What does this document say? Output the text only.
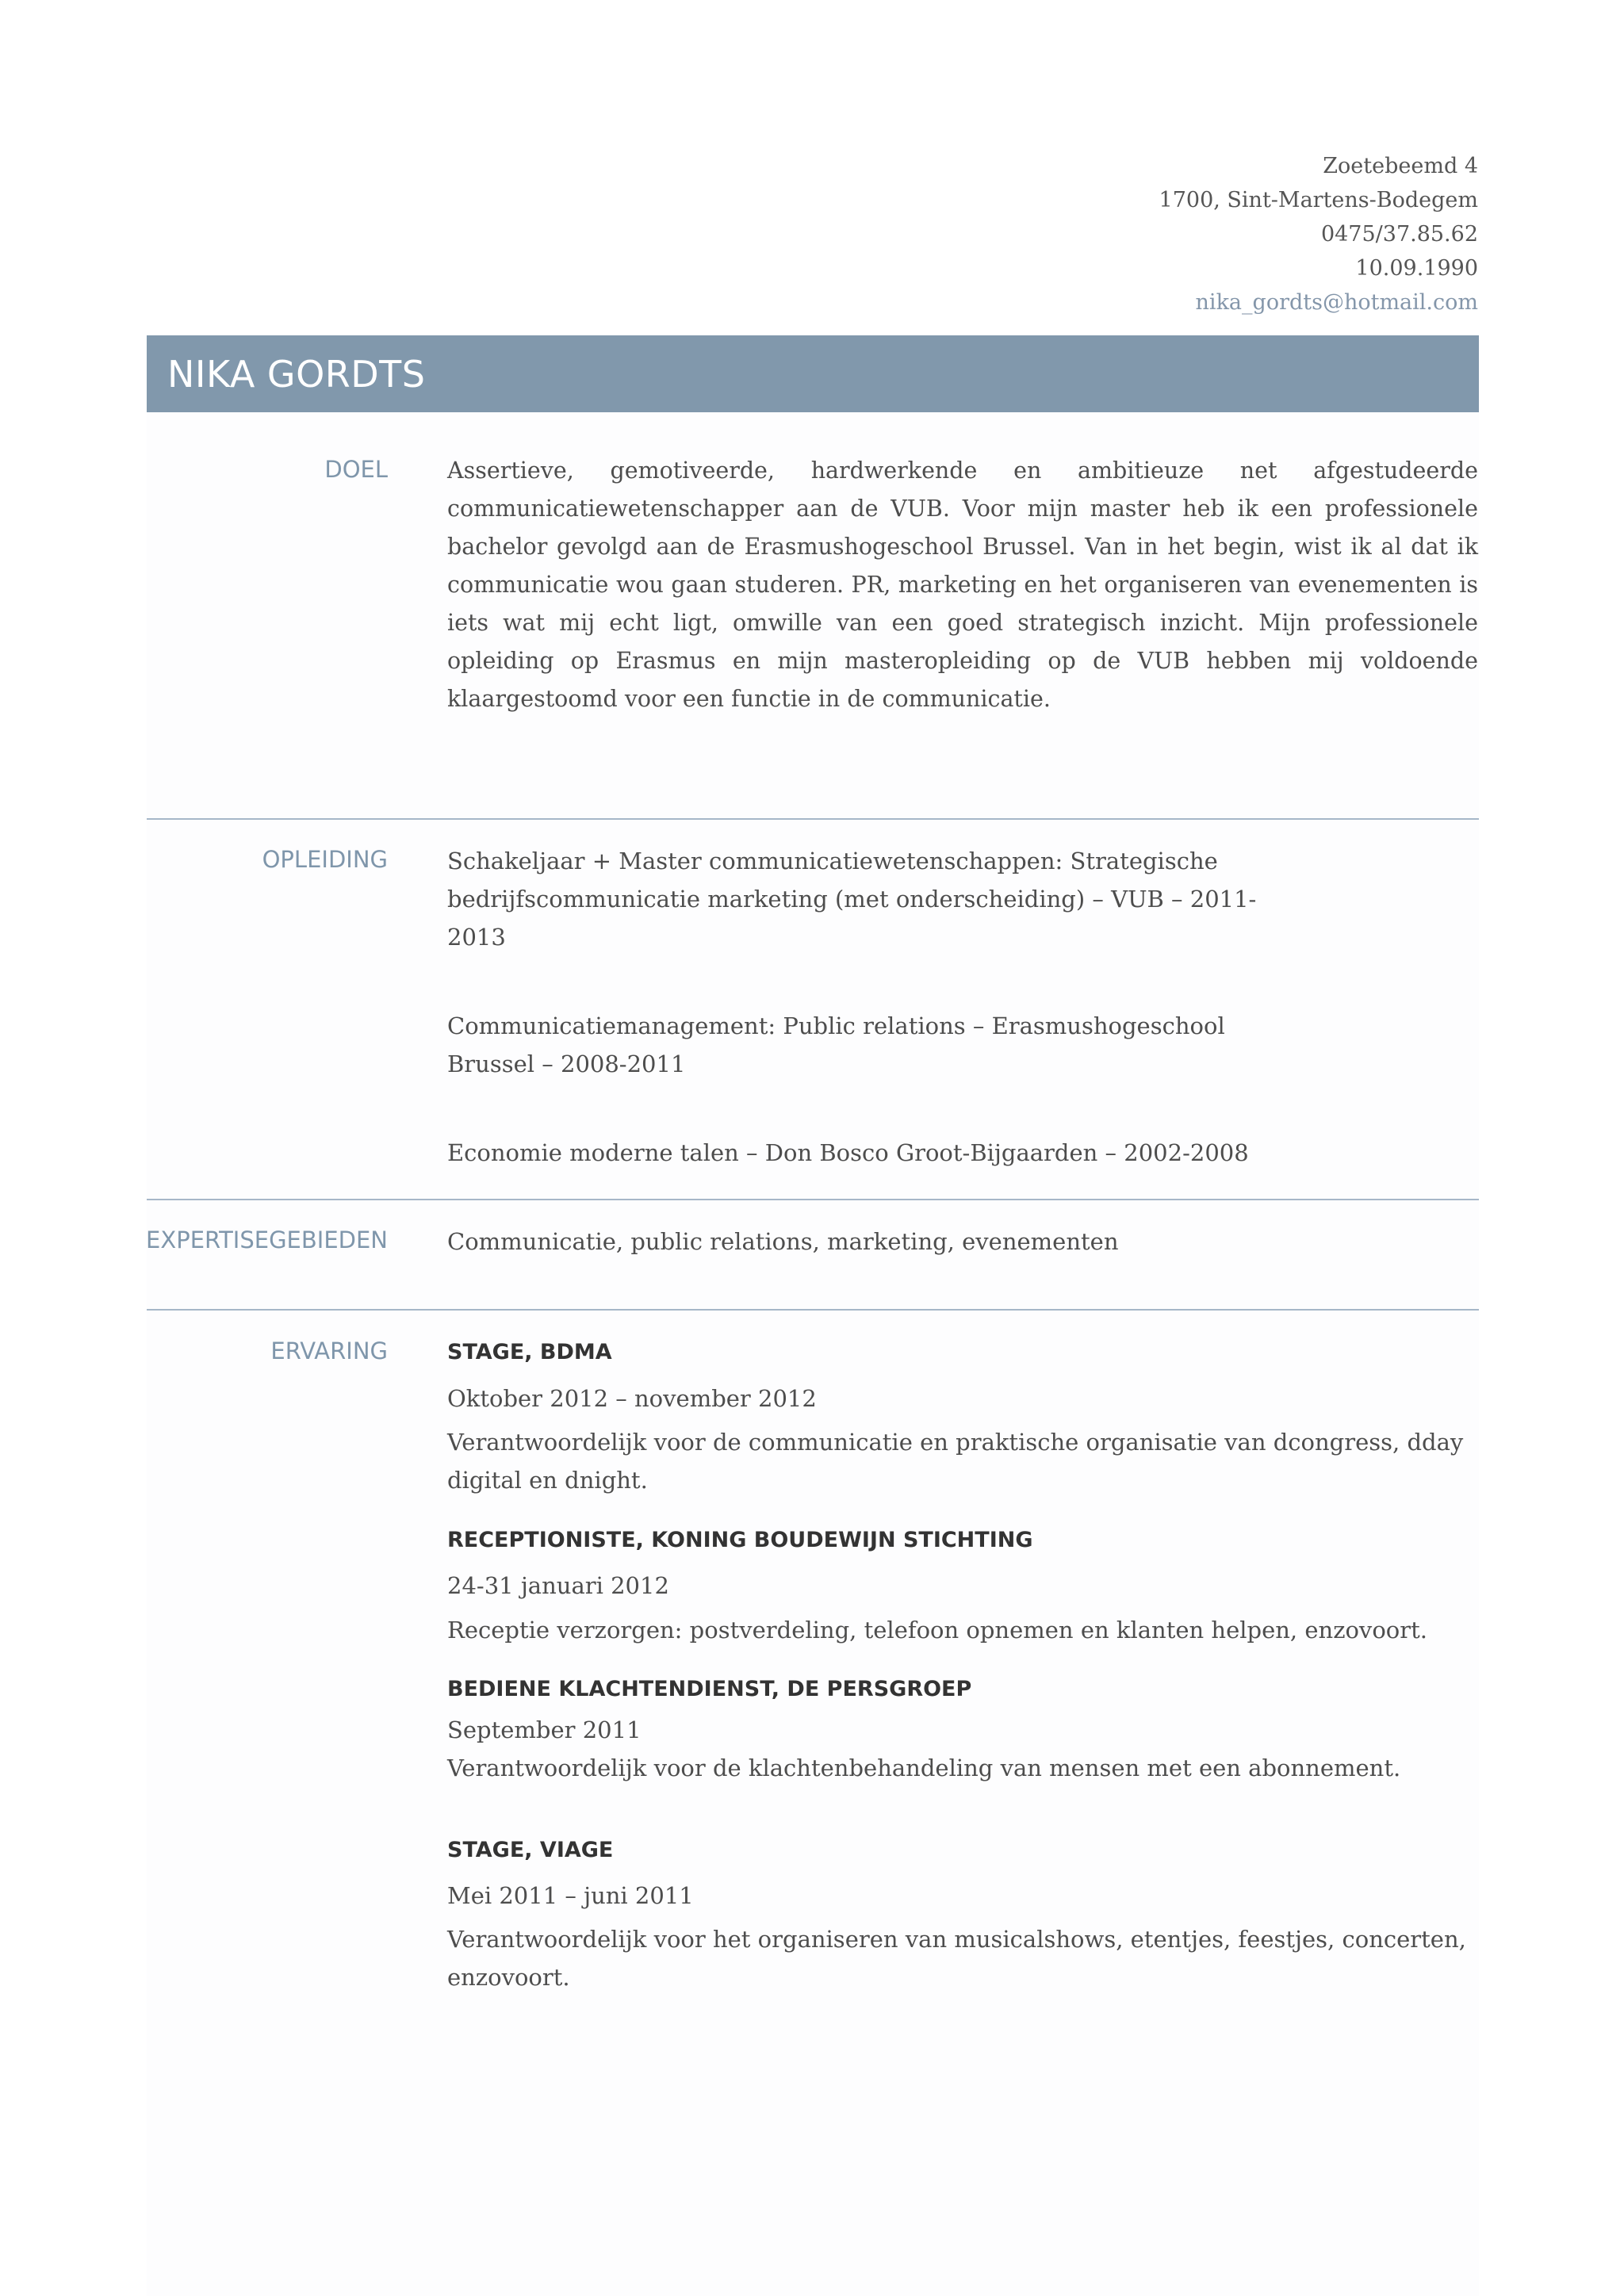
Zoetebeemd 4
1700, Sint-Martens-Bodegem
0475/37.85.62
10.09.1990
nika_gordts@hotmail.com
NIKA GORDTS
DOEL	Assertieve, gemotiveerde, hardwerkende en ambitieuze net afgestudeerde communicatiewetenschapper aan de VUB. Voor mijn master heb ik een professionele bachelor gevolgd aan de Erasmushogeschool Brussel. Van in het begin, wist ik al dat ik communicatie wou gaan studeren. PR, marketing en het organiseren van evenementen is iets wat mij echt ligt, omwille van een goed strategisch inzicht. Mijn professionele opleiding op Erasmus en mijn masteropleiding op de VUB hebben mij voldoende klaargestoomd voor een functie in de communicatie.
OPLEIDING	Schakeljaar + Master communicatiewetenschappen: Strategische bedrijfscommunicatie marketing (met onderscheiding) – VUB – 2011-2013
Communicatiemanagement: Public relations – Erasmushogeschool Brussel – 2008-2011
Economie moderne talen – Don Bosco Groot-Bijgaarden – 2002-2008
EXPERTISEGEBIEDEN	Communicatie, public relations, marketing, evenementen
ERVARING	STAGE, BDMA
Oktober 2012 – november 2012
Verantwoordelijk voor de communicatie en praktische organisatie van dcongress, dday digital en dnight.
RECEPTIONISTE, KONING BOUDEWIJN STICHTING
24-31 januari 2012
Receptie verzorgen: postverdeling, telefoon opnemen en klanten helpen, enzovoort.
BEDIENE KLACHTENDIENST, DE PERSGROEP
September 2011
Verantwoordelijk voor de klachtenbehandeling van mensen met een abonnement.
STAGE, VIAGE
Mei 2011 – juni 2011
Verantwoordelijk voor het organiseren van musicalshows, etentjes, feestjes, concerten, enzovoort.
